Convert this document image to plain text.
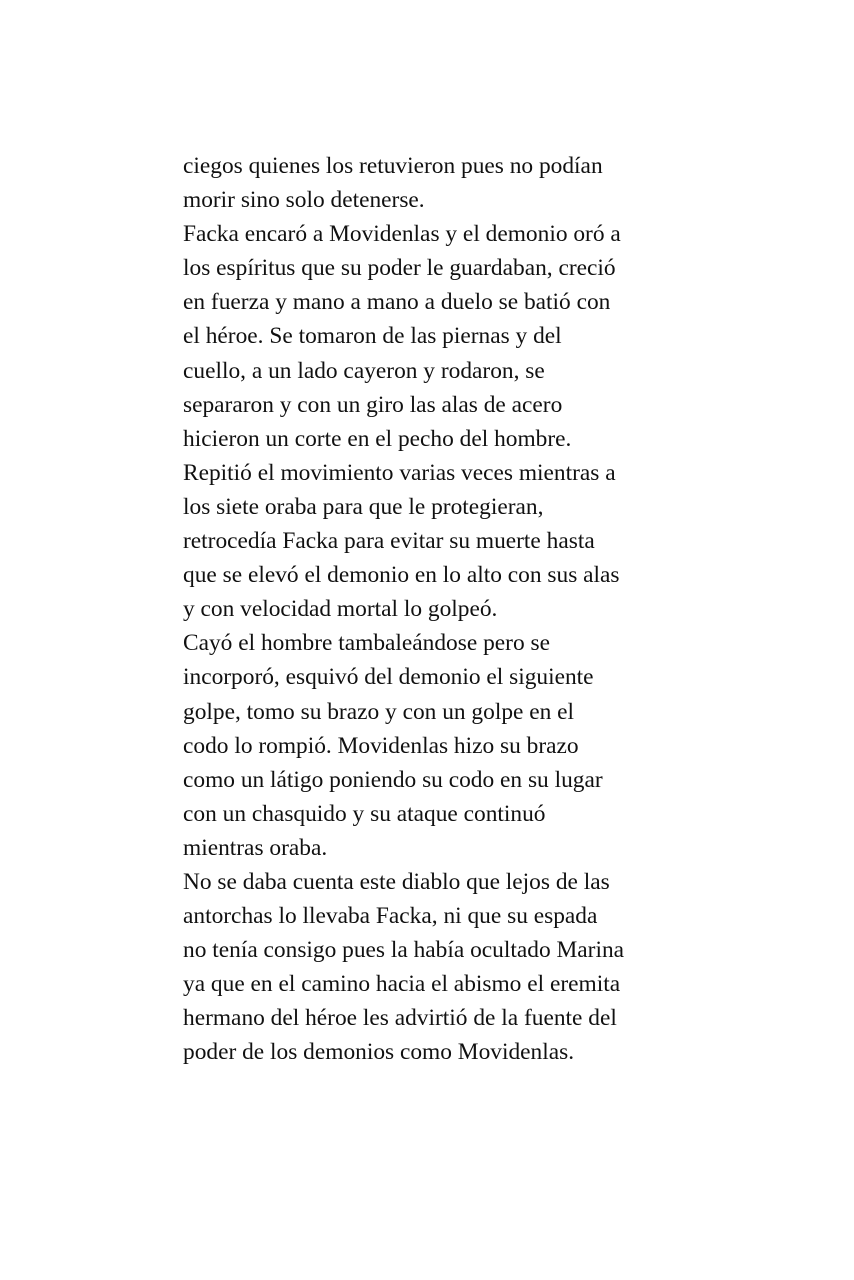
ciegos quienes los retuvieron pues no podían
morir sino solo detenerse.
Facka encaró a Movidenlas y el demonio oró a
los espíritus que su poder le guardaban, creció
en fuerza y mano a mano a duelo se batió con
el héroe. Se tomaron de las piernas y del
cuello, a un lado cayeron y rodaron, se
separaron y con un giro las alas de acero
hicieron un corte en el pecho del hombre.
Repitió el movimiento varias veces mientras a
los siete oraba para que le protegieran,
retrocedía Facka para evitar su muerte hasta
que se elevó el demonio en lo alto con sus alas
y con velocidad mortal lo golpeó.
Cayó el hombre tambaleándose pero se
incorporó, esquivó del demonio el siguiente
golpe, tomo su brazo y con un golpe en el
codo lo rompió. Movidenlas hizo su brazo
como un látigo poniendo su codo en su lugar
con un chasquido y su ataque continuó
mientras oraba.
No se daba cuenta este diablo que lejos de las
antorchas lo llevaba Facka, ni que su espada
no tenía consigo pues la había ocultado Marina
ya que en el camino hacia el abismo el eremita
hermano del héroe les advirtió de la fuente del
poder de los demonios como Movidenlas.
